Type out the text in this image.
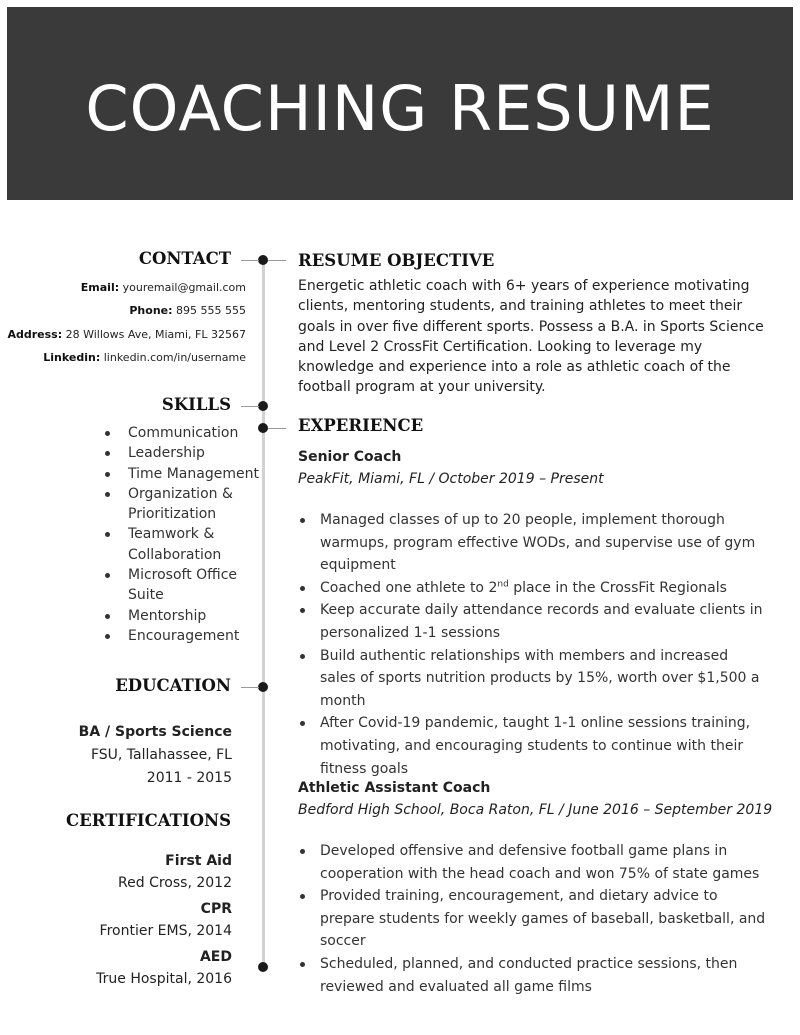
COACHING RESUME
CONTACT
Email: youremail@gmail.com
Phone: 895 555 555
Address: 28 Willows Ave, Miami, FL 32567
Linkedin: linkedin.com/in/username
SKILLS
Communication
Leadership
Time Management
Organization & Prioritization
Teamwork & Collaboration
Microsoft Office Suite
Mentorship
Encouragement
EDUCATION
BA / Sports Science
FSU, Tallahassee, FL
2011 - 2015
CERTIFICATIONS
First Aid
Red Cross, 2012
CPR
Frontier EMS, 2014
AED
True Hospital, 2016
RESUME OBJECTIVE
Energetic athletic coach with 6+ years of experience motivating clients, mentoring students, and training athletes to meet their goals in over five different sports. Possess a B.A. in Sports Science and Level 2 CrossFit Certification. Looking to leverage my knowledge and experience into a role as athletic coach of the football program at your university.
EXPERIENCE
Senior Coach
PeakFit, Miami, FL / October 2019 – Present
Managed classes of up to 20 people, implement thorough warmups, program effective WODs, and supervise use of gym equipment
Coached one athlete to 2nd place in the CrossFit Regionals
Keep accurate daily attendance records and evaluate clients in personalized 1-1 sessions
Build authentic relationships with members and increased sales of sports nutrition products by 15%, worth over $1,500 a month
After Covid-19 pandemic, taught 1-1 online sessions training, motivating, and encouraging students to continue with their fitness goals
Athletic Assistant Coach
Bedford High School, Boca Raton, FL / June 2016 – September 2019
Developed offensive and defensive football game plans in cooperation with the head coach and won 75% of state games
Provided training, encouragement, and dietary advice to prepare students for weekly games of baseball, basketball, and soccer
Scheduled, planned, and conducted practice sessions, then reviewed and evaluated all game films
